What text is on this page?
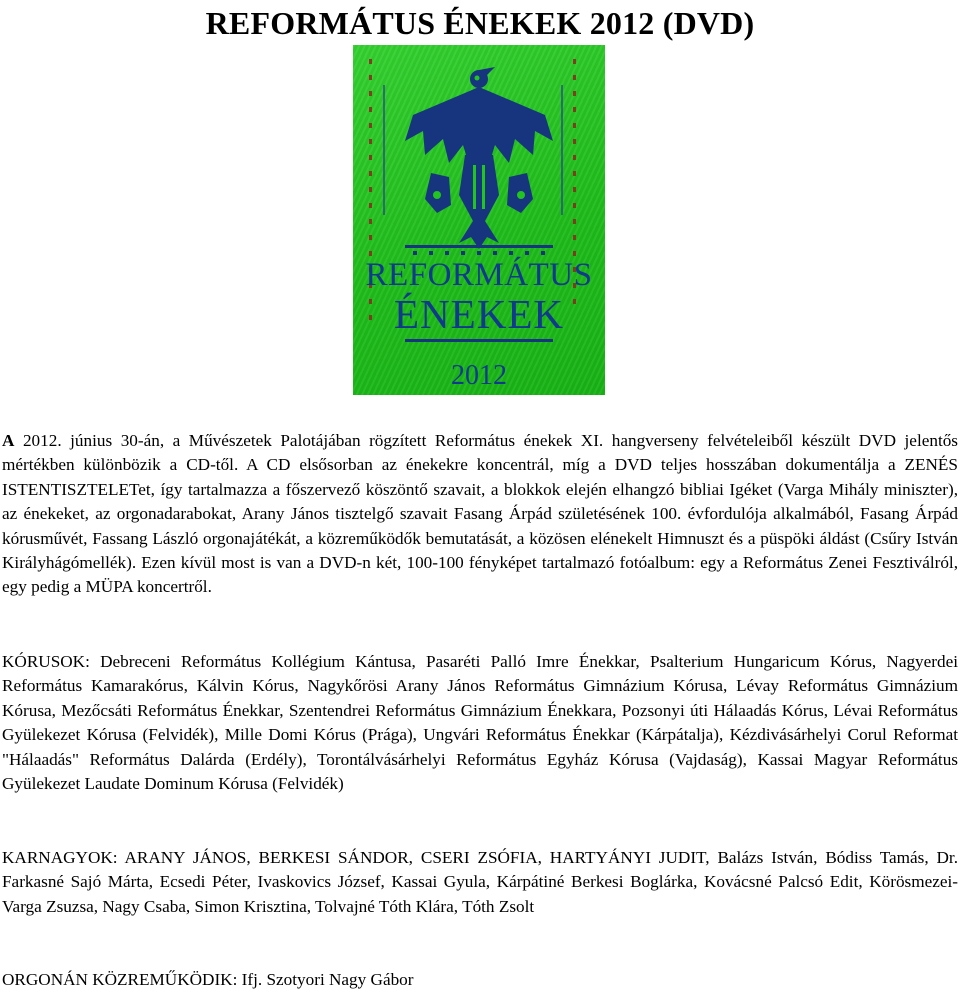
REFORMÁTUS ÉNEKEK 2012 (DVD)

REFORMÁTUS

ÉNEKEK

2012

DVD

A 2012. június 30-án, a Művészetek Palotájában rögzített Református énekek XI. hangverseny felvételeiből készült DVD jelentős mértékben különbözik a CD-től. A CD elsősorban az énekekre koncentrál, míg a DVD teljes hosszában dokumentálja a ZENÉS ISTENTISZTELETet, így tartalmazza a főszervező köszöntő szavait, a blokkok elején elhangzó bibliai Igéket (Varga Mihály miniszter), az énekeket, az orgonadarabokat, Arany János tisztelgő szavait Fasang Árpád születésének 100. évfordulója alkalmából, Fasang Árpád kórusművét, Fassang László orgonajátékát, a közreműködők bemutatását, a közösen elénekelt Himnuszt és a püspöki áldást (Csűry István Királyhágómellék). Ezen kívül most is van a DVD-n két, 100-100 fényképet tartalmazó fotóalbum: egy a Református Zenei Fesztiválról, egy pedig a MÜPA koncertről.

KÓRUSOK: Debreceni Református Kollégium Kántusa, Pasaréti Palló Imre Énekkar, Psalterium Hungaricum Kórus, Nagyerdei Református Kamarakórus, Kálvin Kórus, Nagykőrösi Arany János Református Gimnázium Kórusa, Lévay Református Gimnázium Kórusa, Mezőcsáti Református Énekkar, Szentendrei Református Gimnázium Énekkara, Pozsonyi úti Hálaadás Kórus, Lévai Református Gyülekezet Kórusa (Felvidék), Mille Domi Kórus (Prága), Ungvári Református Énekkar (Kárpátalja), Kézdivásárhelyi Corul Reformat "Hálaadás" Református Dalárda (Erdély), Torontálvásárhelyi Református Egyház Kórusa (Vajdaság), Kassai Magyar Református Gyülekezet Laudate Dominum Kórusa (Felvidék)

KARNAGYOK: ARANY JÁNOS, BERKESI SÁNDOR, CSERI ZSÓFIA, HARTYÁNYI JUDIT, Balázs István, Bódiss Tamás, Dr. Farkasné Sajó Márta, Ecsedi Péter, Ivaskovics József, Kassai Gyula, Kárpátiné Berkesi Boglárka, Kovácsné Palcsó Edit, Körösmezei-Varga Zsuzsa, Nagy Csaba, Simon Krisztina, Tolvajné Tóth Klára, Tóth Zsolt

ORGONÁN KÖZREMŰKÖDIK: Ifj. Szotyori Nagy Gábor
